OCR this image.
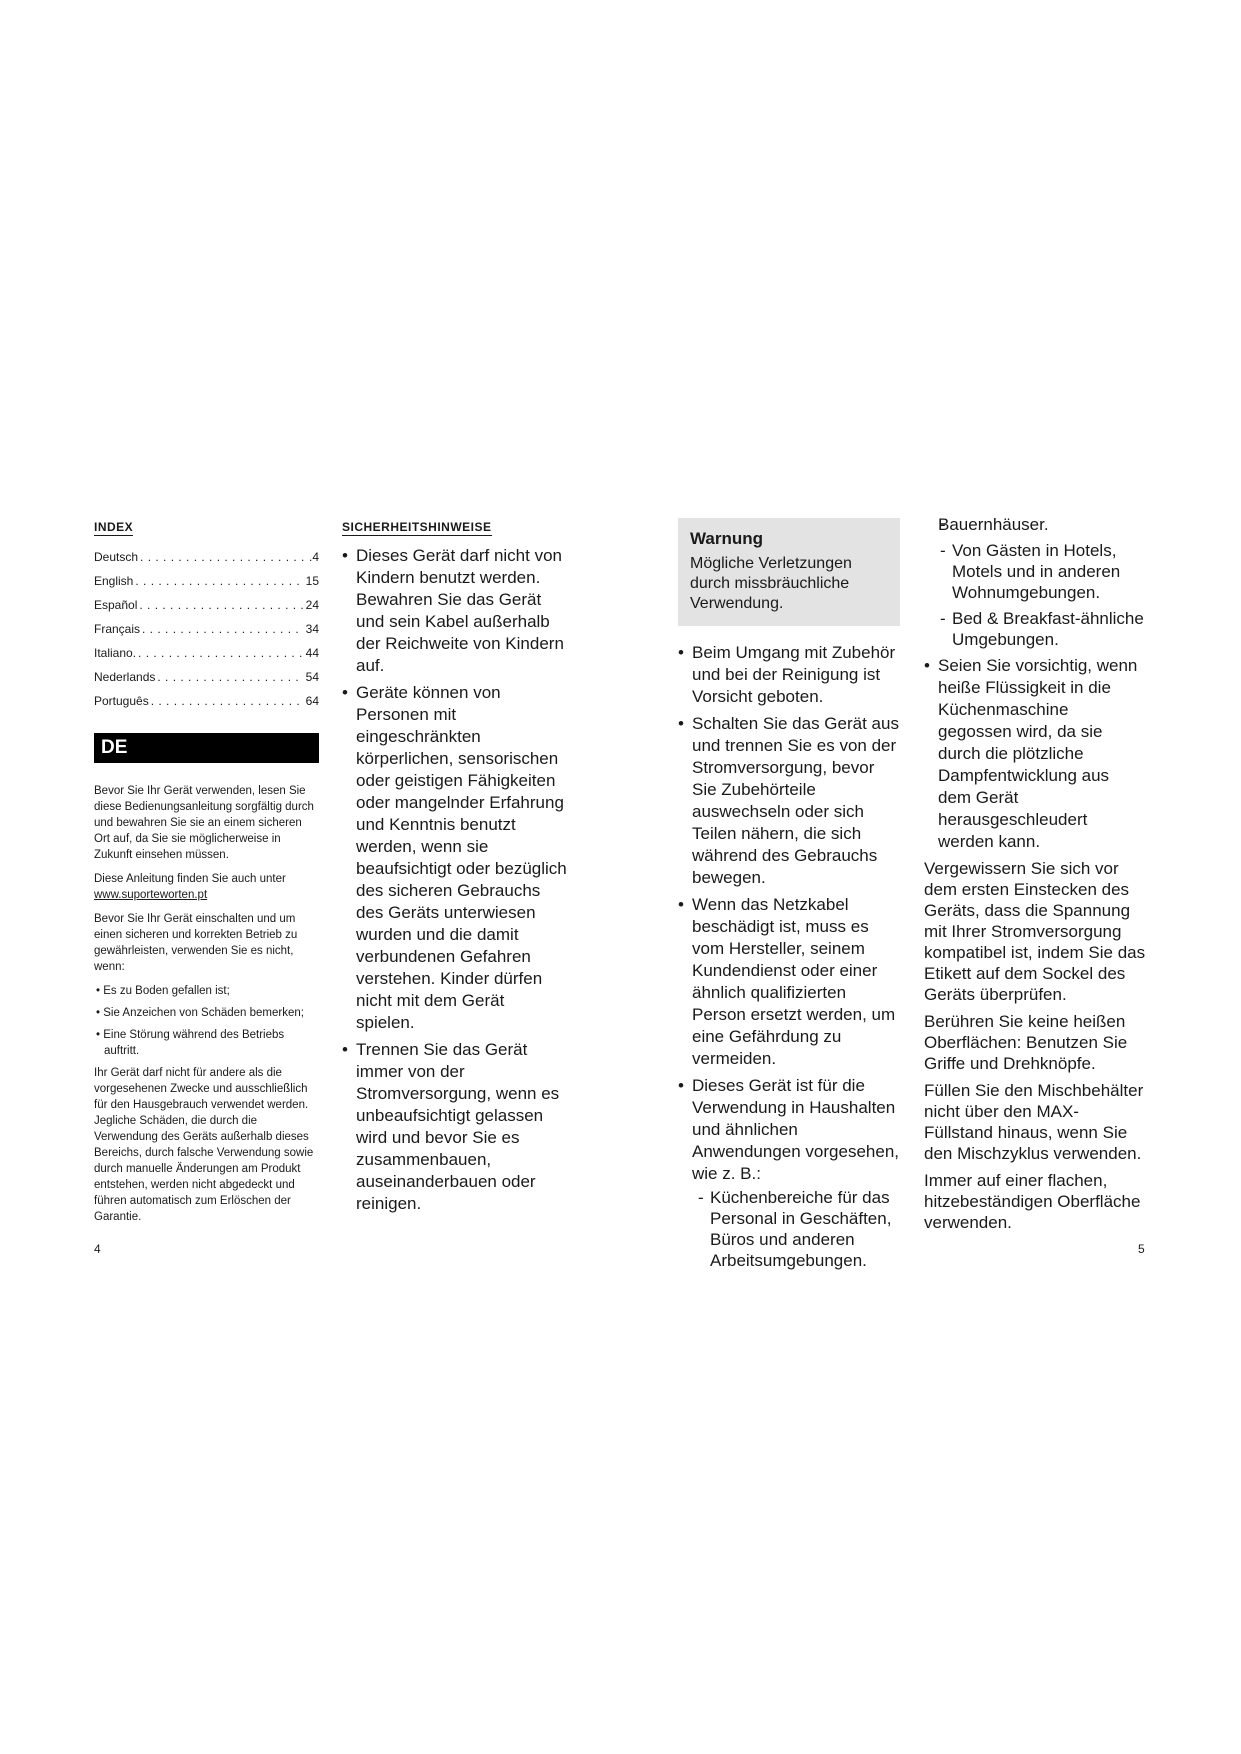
INDEX
Deutsch . . .	.4
English . . .	15
Español . . .	24
Français . . .	34
Italiano. . . .	44
Nederlands . . .	54
Português . . .	64
DE

Bevor Sie Ihr Gerät verwenden, lesen Sie diese Bedienungsanleitung sorgfältig durch und bewahren Sie sie an einem sicheren Ort auf, da Sie sie möglicherweise in Zukunft einsehen müssen.

Diese Anleitung finden Sie auch unter
www.suporteworten.pt

Bevor Sie Ihr Gerät einschalten und um einen sicheren und korrekten Betrieb zu gewährleisten, verwenden Sie es nicht, wenn:

• Es zu Boden gefallen ist;

• Sie Anzeichen von Schäden bemerken;

• Eine Störung während des Betriebs auftritt.

Ihr Gerät darf nicht für andere als die vorgesehenen Zwecke und ausschließlich für den Hausgebrauch verwendet werden. Jegliche Schäden, die durch die Verwendung des Geräts außerhalb dieses Bereichs, durch falsche Verwendung sowie durch manuelle Änderungen am Produkt entstehen, werden nicht abgedeckt und führen automatisch zum Erlöschen der Garantie.

4
SICHERHEITSHINWEISE
• Dieses Gerät darf nicht von Kindern benutzt werden. Bewahren Sie das Gerät und sein Kabel außerhalb der Reichweite von Kindern auf.
• Geräte können von Personen mit eingeschränkten körperlichen, sensorischen oder geistigen Fähigkeiten oder mangelnder Erfahrung und Kenntnis benutzt werden, wenn sie beaufsichtigt oder bezüglich des sicheren Gebrauchs des Geräts unterwiesen wurden und die damit verbundenen Gefahren verstehen. Kinder dürfen nicht mit dem Gerät spielen.
• Trennen Sie das Gerät immer von der Stromversorgung, wenn es unbeaufsichtigt gelassen wird und bevor Sie es zusammenbauen, auseinanderbauen oder reinigen.
Warnung

Mögliche Verletzungen durch missbräuchliche Verwendung.

• Beim Umgang mit Zubehör und bei der Reinigung ist Vorsicht geboten.
• Schalten Sie das Gerät aus und trennen Sie es von der Stromversorgung, bevor Sie Zubehörteile auswechseln oder sich Teilen nähern, die sich während des Gebrauchs bewegen.
• Wenn das Netzkabel beschädigt ist, muss es vom Hersteller, seinem Kundendienst oder einer ähnlich qualifizierten Person ersetzt werden, um eine Gefährdung zu vermeiden.
• Dieses Gerät ist für die Verwendung in Haushalten und ähnlichen Anwendungen vorgesehen, wie z. B.:
- Küchenbereiche für das Personal in Geschäften, Büros und anderen Arbeitsumgebungen.
- Bauernhäuser.
- Von Gästen in Hotels, Motels und in anderen Wohnumgebungen.
- Bed & Breakfast-ähnliche Umgebungen.
• Seien Sie vorsichtig, wenn heiße Flüssigkeit in die Küchenmaschine gegossen wird, da sie durch die plötzliche Dampfentwicklung aus dem Gerät herausgeschleudert werden kann.

Vergewissern Sie sich vor dem ersten Einstecken des Geräts, dass die Spannung mit Ihrer Stromversorgung kompatibel ist, indem Sie das Etikett auf dem Sockel des Geräts überprüfen.

Berühren Sie keine heißen Oberflächen: Benutzen Sie Griffe und Drehknöpfe.

Füllen Sie den Mischbehälter nicht über den MAX-Füllstand hinaus, wenn Sie den Mischzyklus verwenden.

Immer auf einer flachen, hitzebeständigen Oberfläche verwenden.

5
